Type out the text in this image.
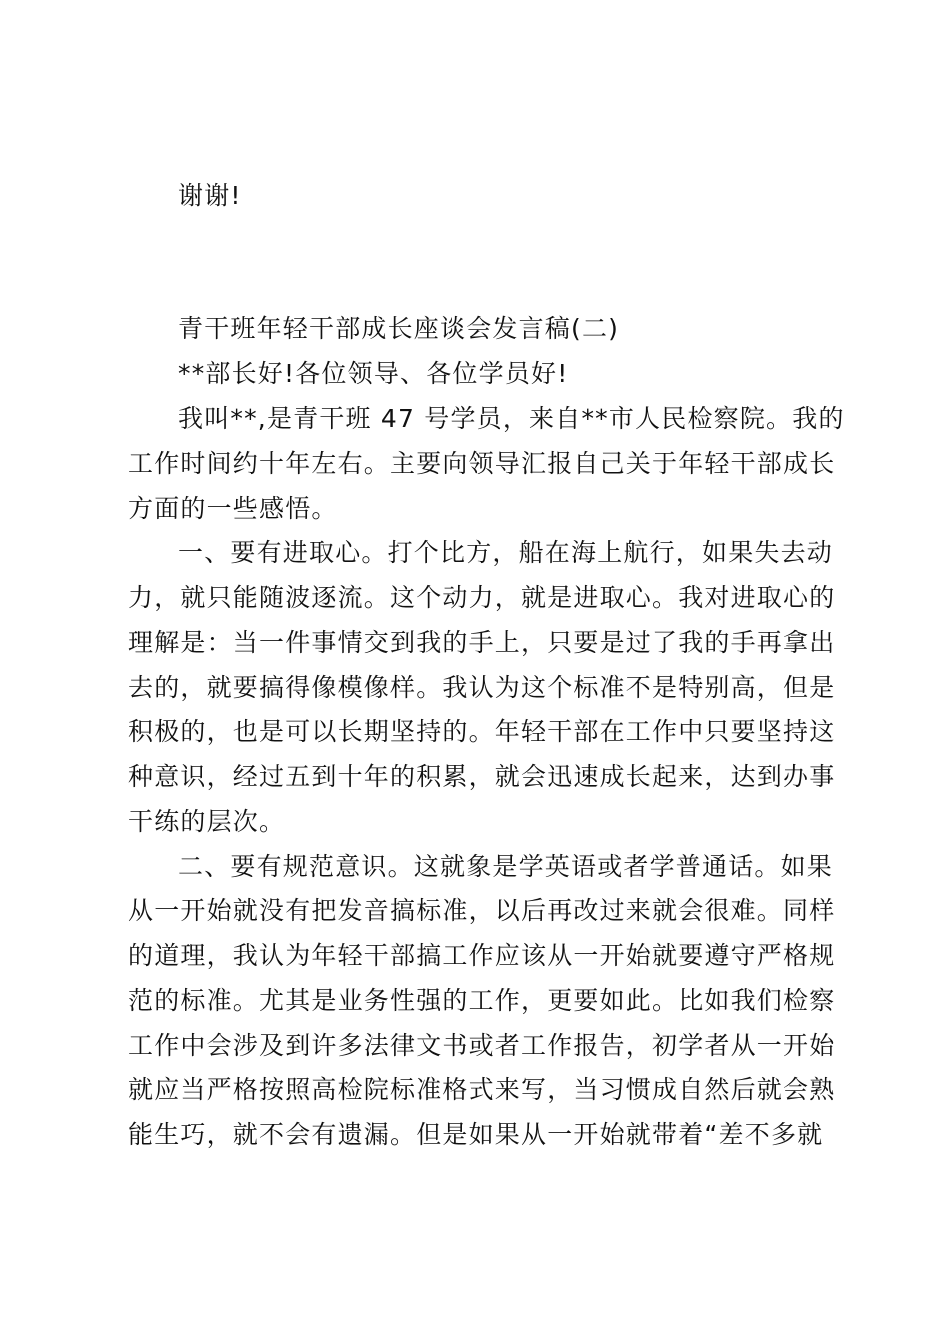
谢谢!
青干班年轻干部成长座谈会发言稿(二)
**部长好!各位领导、各位学员好!
我叫**,是青干班 47 号学员，来自**市人民检察院。我的
工作时间约十年左右。主要向领导汇报自己关于年轻干部成长
方面的一些感悟。
一、要有进取心。打个比方，船在海上航行，如果失去动
力，就只能随波逐流。这个动力，就是进取心。我对进取心的
理解是：当一件事情交到我的手上，只要是过了我的手再拿出
去的，就要搞得像模像样。我认为这个标准不是特别高，但是
积极的，也是可以长期坚持的。年轻干部在工作中只要坚持这
种意识，经过五到十年的积累，就会迅速成长起来，达到办事
干练的层次。
二、要有规范意识。这就象是学英语或者学普通话。如果
从一开始就没有把发音搞标准，以后再改过来就会很难。同样
的道理，我认为年轻干部搞工作应该从一开始就要遵守严格规
范的标准。尤其是业务性强的工作，更要如此。比如我们检察
工作中会涉及到许多法律文书或者工作报告，初学者从一开始
就应当严格按照高检院标准格式来写，当习惯成自然后就会熟
能生巧，就不会有遗漏。但是如果从一开始就带着“差不多就
